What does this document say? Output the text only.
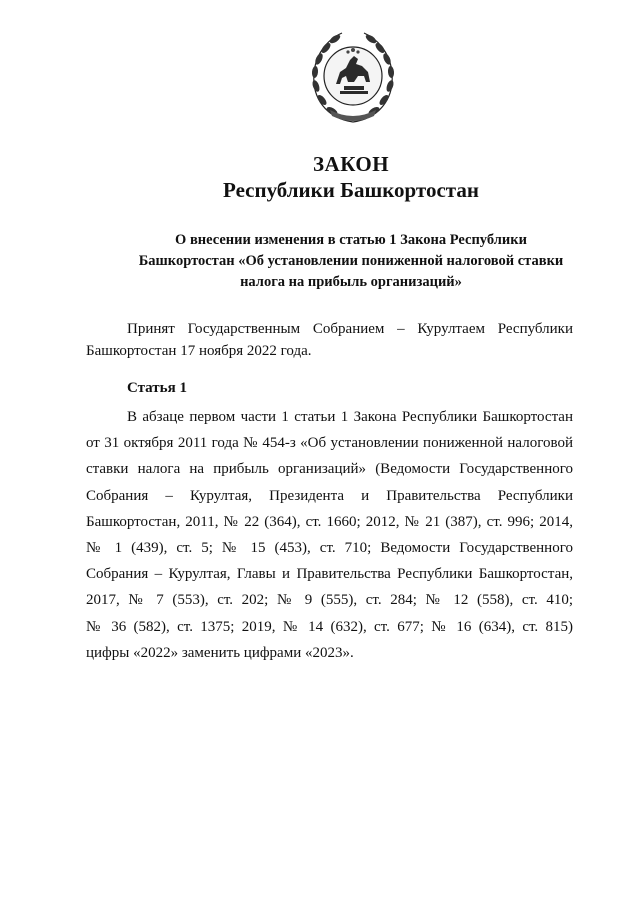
ЗАКОН
Республики Башкортостан

О внесении изменения в статью 1 Закона Республики
Башкортостан «Об установлении пониженной налоговой ставки
налога на прибыль организаций»

Принят Государственным Собранием – Курултаем Республики
Башкортостан 17 ноября 2022 года.

Статья 1
В абзаце первом части 1 статьи 1 Закона Республики Башкортостан
от 31 октября 2011 года № 454-з «Об установлении пониженной налоговой
ставки налога на прибыль организаций» (Ведомости Государственного
Собрания – Курултая, Президента и Правительства Республики
Башкортостан, 2011, № 22 (364), ст. 1660; 2012, № 21 (387), ст. 996; 2014,
№ 1 (439), ст. 5; № 15 (453), ст. 710; Ведомости Государственного
Собрания – Курултая, Главы и Правительства Республики Башкортостан,
2017, № 7 (553), ст. 202; № 9 (555), ст. 284; № 12 (558), ст. 410;
№ 36 (582), ст. 1375; 2019, № 14 (632), ст. 677; № 16 (634), ст. 815)
цифры «2022» заменить цифрами «2023».
